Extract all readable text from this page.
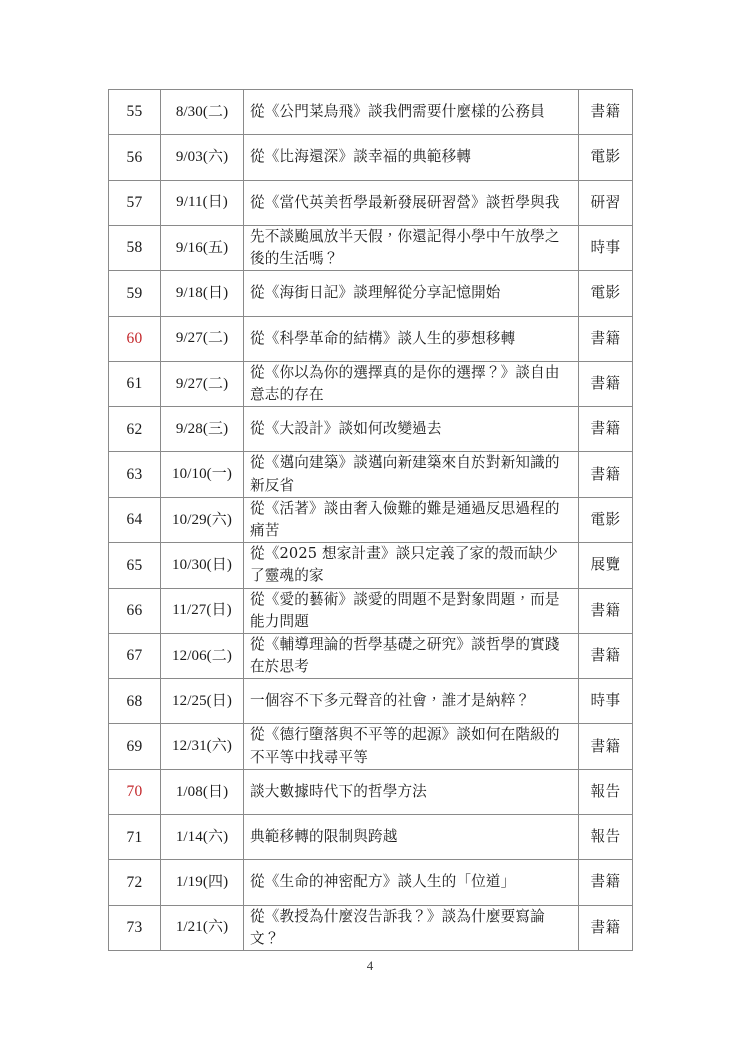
55	8/30(二)	從《公門菜鳥飛》談我們需要什麼樣的公務員	書籍
56	9/03(六)	從《比海還深》談幸福的典範移轉	電影
57	9/11(日)	從《當代英美哲學最新發展研習營》談哲學與我	研習
58	9/16(五)	先不談颱風放半天假，你還記得小學中午放學之後的生活嗎？	時事
59	9/18(日)	從《海街日記》談理解從分享記憶開始	電影
60	9/27(二)	從《科學革命的結構》談人生的夢想移轉	書籍
61	9/27(二)	從《你以為你的選擇真的是你的選擇？》談自由意志的存在	書籍
62	9/28(三)	從《大設計》談如何改變過去	書籍
63	10/10(一)	從《邁向建築》談邁向新建築來自於對新知識的新反省	書籍
64	10/29(六)	從《活著》談由奢入儉難的難是通過反思過程的痛苦	電影
65	10/30(日)	從《2025 想家計畫》談只定義了家的殼而缺少了靈魂的家	展覽
66	11/27(日)	從《愛的藝術》談愛的問題不是對象問題，而是能力問題	書籍
67	12/06(二)	從《輔導理論的哲學基礎之研究》談哲學的實踐在於思考	書籍
68	12/25(日)	一個容不下多元聲音的社會，誰才是納粹？	時事
69	12/31(六)	從《德行墮落與不平等的起源》談如何在階級的不平等中找尋平等	書籍
70	1/08(日)	談大數據時代下的哲學方法	報告
71	1/14(六)	典範移轉的限制與跨越	報告
72	1/19(四)	從《生命的神密配方》談人生的「位道」	書籍
73	1/21(六)	從《教授為什麼沒告訴我？》談為什麼要寫論文？	書籍
4
